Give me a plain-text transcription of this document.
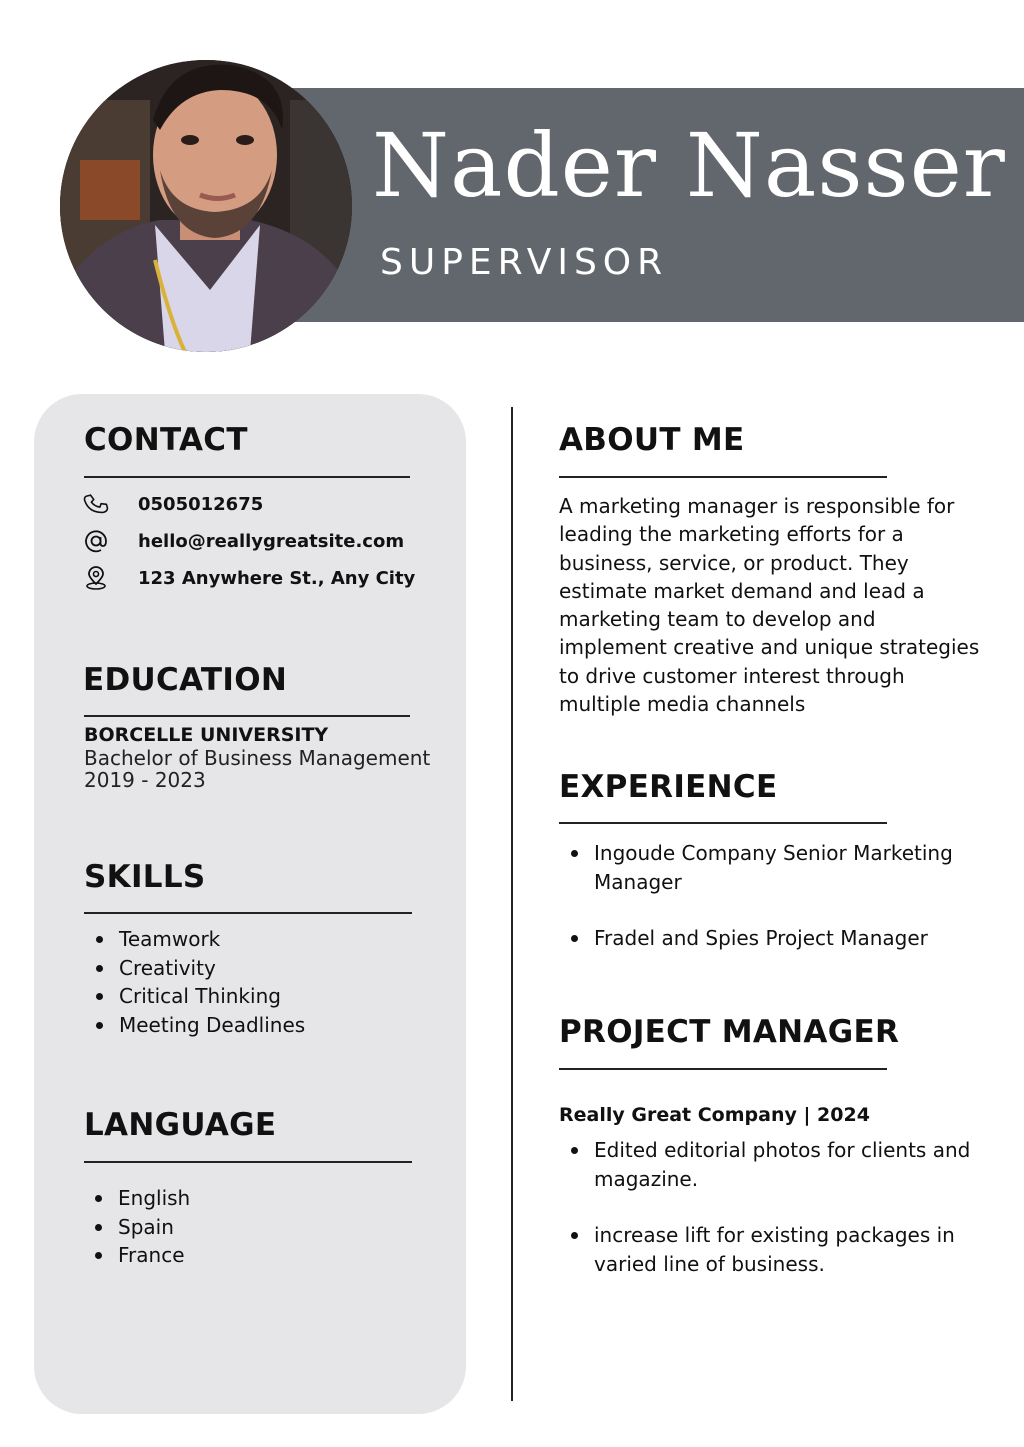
Nader Nasser
SUPERVISOR
CONTACT
0505012675
hello@reallygreatsite.com
123 Anywhere St., Any City
EDUCATION
BORCELLE UNIVERSITY
Bachelor of Business Management
2019 - 2023
SKILLS
Teamwork
Creativity
Critical Thinking
Meeting Deadlines
LANGUAGE
English
Spain
France
ABOUT ME
A marketing manager is responsible for
leading the marketing efforts for a
business, service, or product. They
estimate market demand and lead a
marketing team to develop and
implement creative and unique strategies
to drive customer interest through
multiple media channels
EXPERIENCE
Ingoude Company Senior Marketing
Manager
Fradel and Spies Project Manager
PROJECT MANAGER
Really Great Company | 2024
Edited editorial photos for clients and
magazine.
increase lift for existing packages in
varied line of business.
